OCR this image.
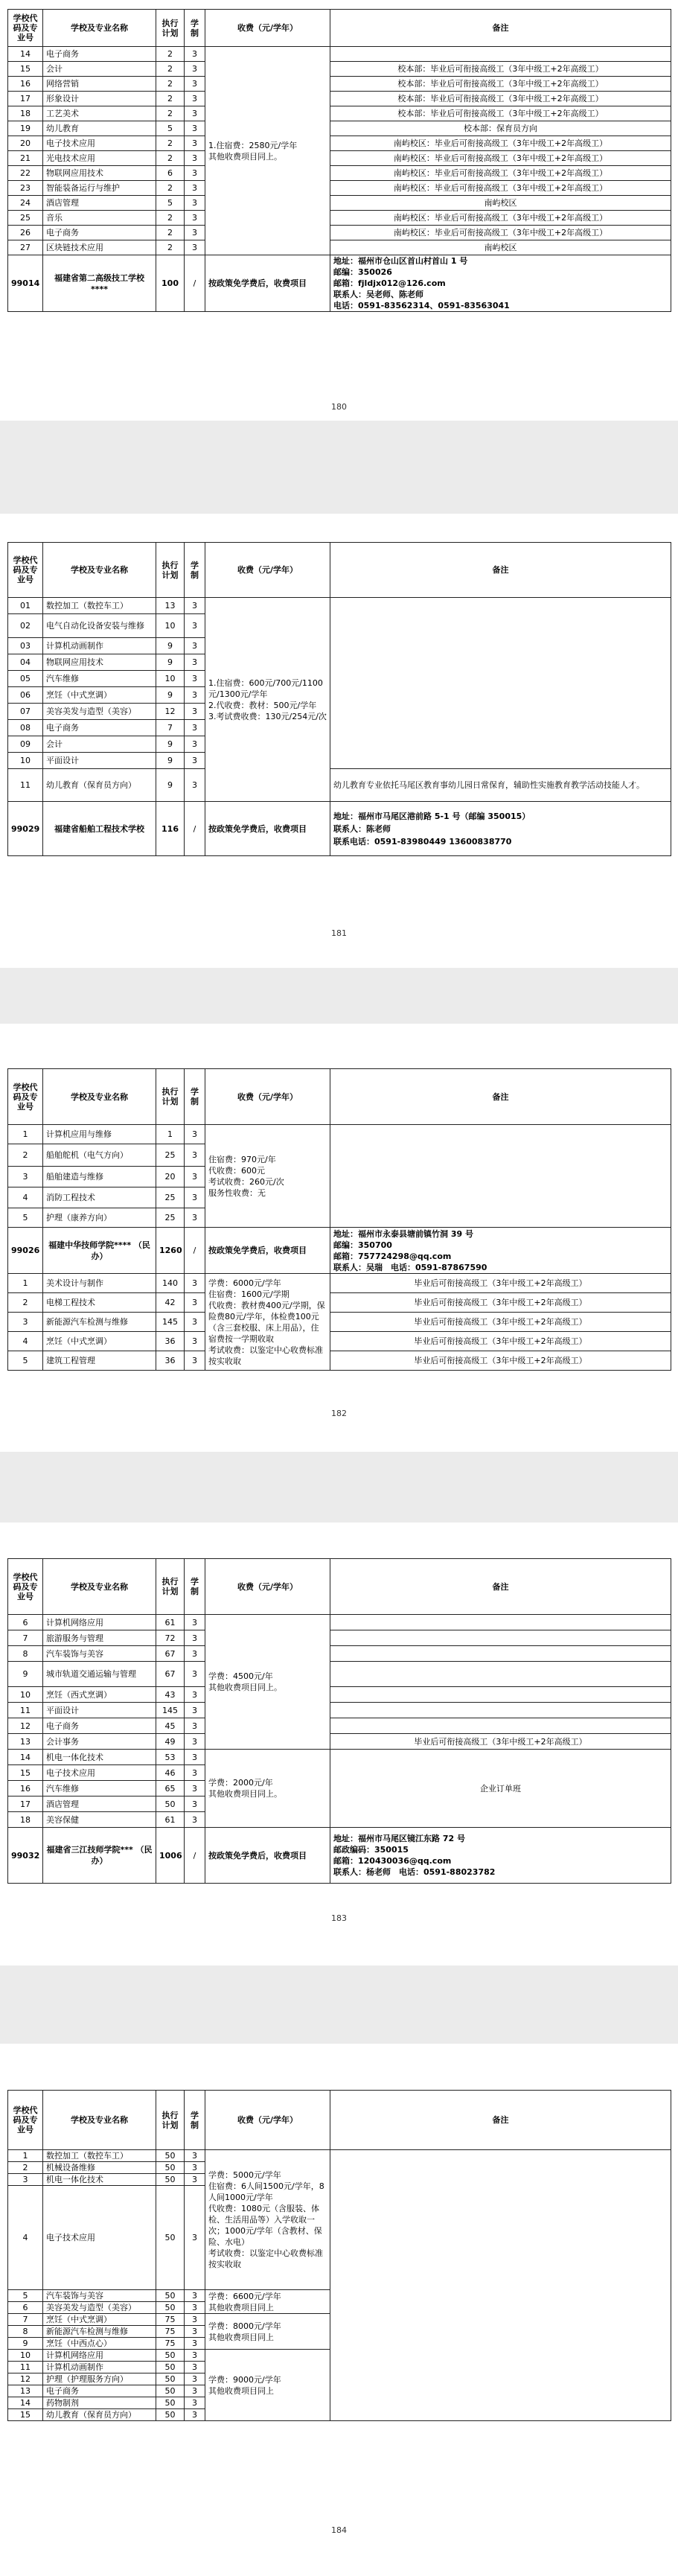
学校代码及专业号	学校及专业名称	执行计划	学制	收费（元/学年）	备注
14	电子商务	2	3	1.住宿费：2580元/学年
其他收费项目同上。	
15	会计	2	3		校本部：毕业后可衔接高级工（3年中级工+2年高级工）
16	网络营销	2	3		校本部：毕业后可衔接高级工（3年中级工+2年高级工）
17	形象设计	2	3		校本部：毕业后可衔接高级工（3年中级工+2年高级工）
18	工艺美术	2	3		校本部：毕业后可衔接高级工（3年中级工+2年高级工）
19	幼儿教育	5	3		校本部：保育员方向
20	电子技术应用	2	3		南屿校区：毕业后可衔接高级工（3年中级工+2年高级工）
21	光电技术应用	2	3		南屿校区：毕业后可衔接高级工（3年中级工+2年高级工）
22	物联网应用技术	6	3		南屿校区：毕业后可衔接高级工（3年中级工+2年高级工）
23	智能装备运行与维护	2	3		南屿校区：毕业后可衔接高级工（3年中级工+2年高级工）
24	酒店管理	5	3		南屿校区
25	音乐	2	3		南屿校区：毕业后可衔接高级工（3年中级工+2年高级工）
26	电子商务	2	3		南屿校区：毕业后可衔接高级工（3年中级工+2年高级工）
27	区块链技术应用	2	3		南屿校区
99014	福建省第二高级技工学校 ****	100	/	按政策免学费后，收费项目	地址：福州市仓山区首山村首山 1 号
邮编：350026
邮箱：fjldjx012@126.com
联系人：吴老师、陈老师
电话：0591-83562314、0591-83563041
180
学校代码及专业号	学校及专业名称	执行计划	学制	收费（元/学年）	备注
01	数控加工（数控车工）	13	3	1.住宿费：600元/700元/1100元/1300元/学年
2.代收费：教材：500元/学年
3.考试费收费：130元/254元/次	
02	电气自动化设备安装与维修	10	3		
03	计算机动画制作	9	3		
04	物联网应用技术	9	3		
05	汽车维修	10	3		
06	烹饪（中式烹调）	9	3		
07	美容美发与造型（美容）	12	3		
08	电子商务	7	3		
09	会计	9	3		
10	平面设计	9	3		
11	幼儿教育（保育员方向）	9	3		幼儿教育专业依托马尾区教育事幼儿园日常保育，辅助性实施教育教学活动技能人才。
99029	福建省船舶工程技术学校	116	/	按政策免学费后，收费项目	地址：福州市马尾区港前路 5-1 号（邮编 350015）
联系人：陈老师
联系电话：0591-83980449 13600838770
181
学校代码及专业号	学校及专业名称	执行计划	学制	收费（元/学年）	备注
1	计算机应用与维修	1	3	住宿费：970元/年
代收费：600元
考试收费：260元/次
服务性收费：无	
2	船舶舵机（电气方向）	25	3		
3	船舶建造与维修	20	3		
4	消防工程技术	25	3		
5	护理（康养方向）	25	3		
99026	福建中华技师学院**** （民办）	1260	/	按政策免学费后，收费项目	地址：福州市永泰县塘前镇竹洞 39 号
邮编：350700
邮箱：757724298@qq.com
联系人：吴瑞　电话：0591-87867590

1	美术设计与制作	140	3	学费：6000元/学年
住宿费：1600元/学期
代收费：教材费400元/学期，保险费80元/学年，体检费100元（含三套校服、床上用品），住宿费按一学期收取
考试收费：以鉴定中心收费标准按实收取	毕业后可衔接高级工（3年中级工+2年高级工）
2	电梯工程技术	42	3		毕业后可衔接高级工（3年中级工+2年高级工）
3	新能源汽车检测与维修	145	3		毕业后可衔接高级工（3年中级工+2年高级工）
4	烹饪（中式烹调）	36	3		毕业后可衔接高级工（3年中级工+2年高级工）
5	建筑工程管理	36	3		毕业后可衔接高级工（3年中级工+2年高级工）
182
学校代码及专业号	学校及专业名称	执行计划	学制	收费（元/学年）	备注
6	计算机网络应用	61	3	学费：4500元/年
其他收费项目同上。	
7	旅游服务与管理	72	3		
8	汽车装饰与美容	67	3		
9	城市轨道交通运输与管理	67	3		
10	烹饪（西式烹调）	43	3		
11	平面设计	145	3		
12	电子商务	45	3		
13	会计事务	49	3		毕业后可衔接高级工（3年中级工+2年高级工）
14	机电一体化技术	53	3	学费：2000元/年
其他收费项目同上。	企业订单班
15	电子技术应用	46	3		
16	汽车维修	65	3		
17	酒店管理	50	3		
18	美容保健	61	3		
99032	福建省三江技师学院*** （民办）	1006	/	按政策免学费后，收费项目	地址：福州市马尾区镜江东路 72 号
邮政编码：350015
邮箱：120430036@qq.com
联系人：杨老师　电话：0591-88023782
183
学校代码及专业号	学校及专业名称	执行计划	学制	收费（元/学年）	备注
1	数控加工（数控车工）	50	3	学费：5000元/学年
住宿费：6人间1500元/学年，8人间1000元/学年
代收费：1080元（含服装、体检、生活用品等）入学收取一次；1000元/学年（含教材、保险、水电）
考试收费：以鉴定中心收费标准按实收取	
2	机械设备维修	50	3		
3	机电一体化技术	50	3		
4	电子技术应用	50	3		
5	汽车装饰与美容	50	3	学费：6600元/学年
其他收费项目同上	
6	美容美发与造型（美容）	50	3		
7	烹饪（中式烹调）	75	3	学费：8000元/学年
其他收费项目同上	
8	新能源汽车检测与维修	75	3		
9	烹饪（中西点心）	75	3		
10	计算机网络应用	50	3	学费：9000元/学年
其他收费项目同上	
11	计算机动画制作	50	3		
12	护理（护理服务方向）	50	3		
13	电子商务	50	3		
14	药物制剂	50	3		
15	幼儿教育（保育员方向）	50	3		
184
